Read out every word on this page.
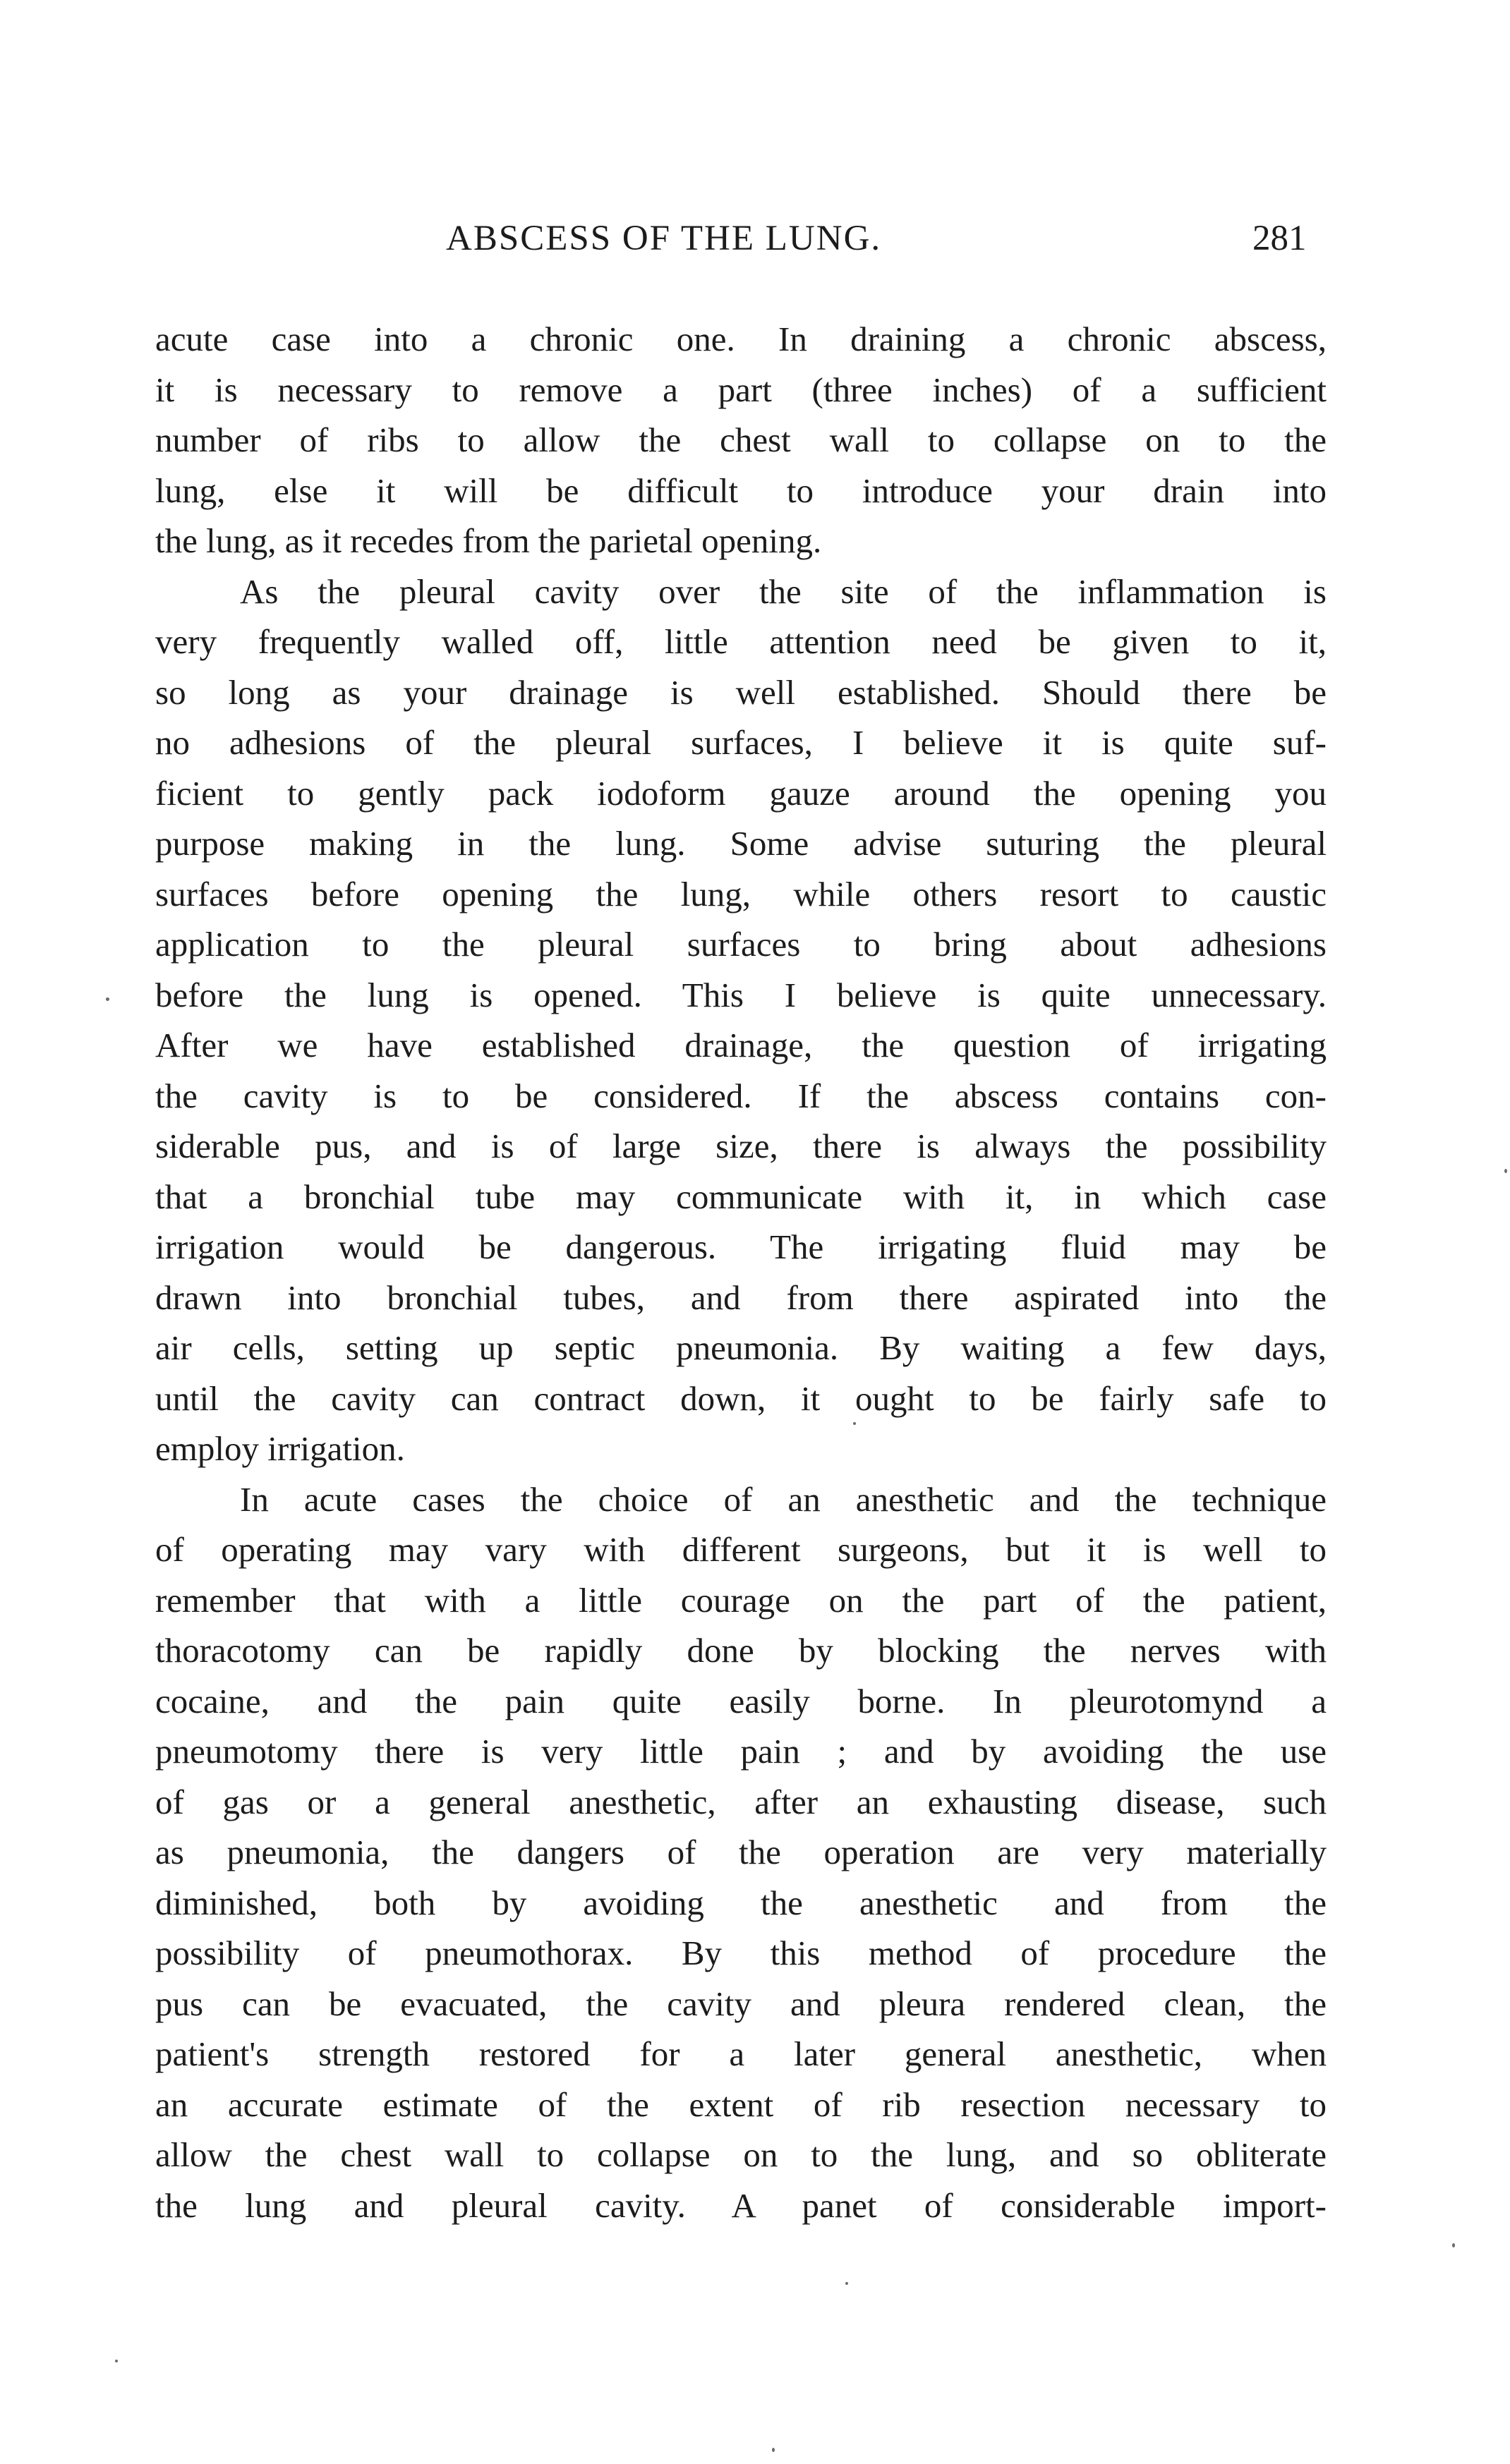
ABSCESS OF THE LUNG.	281
acute case into a chronic one. In draining a chronic abscess,
it is necessary to remove a part (three inches) of a sufficient
number of ribs to allow the chest wall to collapse on to the
lung, else it will be difficult to introduce your drain into
the lung, as it recedes from the parietal opening.
As the pleural cavity over the site of the inflammation is
very frequently walled off, little attention need be given to it,
so long as your drainage is well established. Should there be
no adhesions of the pleural surfaces, I believe it is quite suf-
ficient to gently pack iodoform gauze around the opening you
purpose making in the lung. Some advise suturing the pleural
surfaces before opening the lung, while others resort to caustic
application to the pleural surfaces to bring about adhesions
before the lung is opened. This I believe is quite unnecessary.
After we have established drainage, the question of irrigating
the cavity is to be considered. If the abscess contains con-
siderable pus, and is of large size, there is always the possibility
that a bronchial tube may communicate with it, in which case
irrigation would be dangerous. The irrigating fluid may be
drawn into bronchial tubes, and from there aspirated into the
air cells, setting up septic pneumonia. By waiting a few days,
until the cavity can contract down, it ought to be fairly safe to
employ irrigation.
In acute cases the choice of an anesthetic and the technique
of operating may vary with different surgeons, but it is well to
remember that with a little courage on the part of the patient,
thoracotomy can be rapidly done by blocking the nerves with
cocaine, and the pain quite easily borne. In pleurotomynd a
pneumotomy there is very little pain ; and by avoiding the use
of gas or a general anesthetic, after an exhausting disease, such
as pneumonia, the dangers of the operation are very materially
diminished, both by avoiding the anesthetic and from the
possibility of pneumothorax. By this method of procedure the
pus can be evacuated, the cavity and pleura rendered clean, the
patient's strength restored for a later general anesthetic, when
an accurate estimate of the extent of rib resection necessary to
allow the chest wall to collapse on to the lung, and so obliterate
the lung and pleural cavity. A panet of considerable import-
